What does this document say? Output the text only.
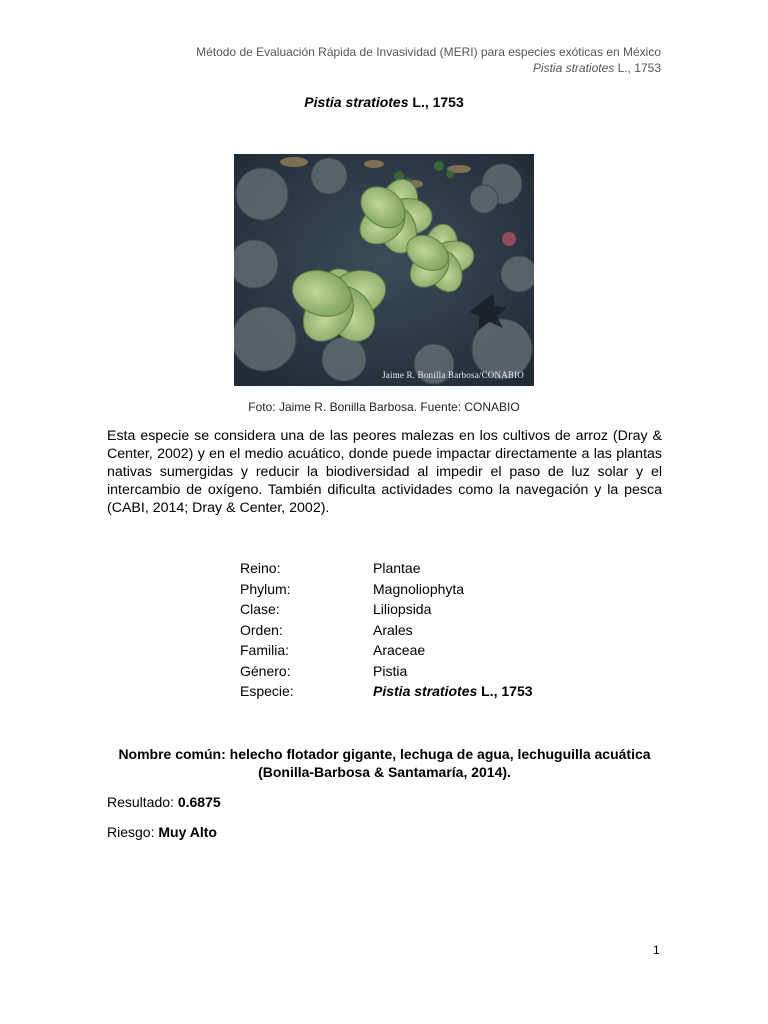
Método de Evaluación Rápida de Invasividad (MERI) para especies exóticas en México
Pistia stratiotes L., 1753
Pistia stratiotes L., 1753
Jaime R. Bonilla Barbosa/CONABIO
Foto: Jaime R. Bonilla Barbosa. Fuente: CONABIO
Esta especie se considera una de las peores malezas en los cultivos de arroz (Dray & Center, 2002) y en el medio acuático, donde puede impactar directamente a las plantas nativas sumergidas y reducir la biodiversidad al impedir el paso de luz solar y el intercambio de oxígeno. También dificulta actividades como la navegación y la pesca (CABI, 2014; Dray & Center, 2002).
Reino:	Plantae
Phylum:	Magnoliophyta
Clase:	Liliopsida
Orden:	Arales
Familia:	Araceae
Género:	Pistia
Especie:	Pistia stratiotes L., 1753
Nombre común: helecho flotador gigante, lechuga de agua, lechuguilla acuática (Bonilla-Barbosa & Santamaría, 2014).
Resultado: 0.6875
Riesgo: Muy Alto
1
